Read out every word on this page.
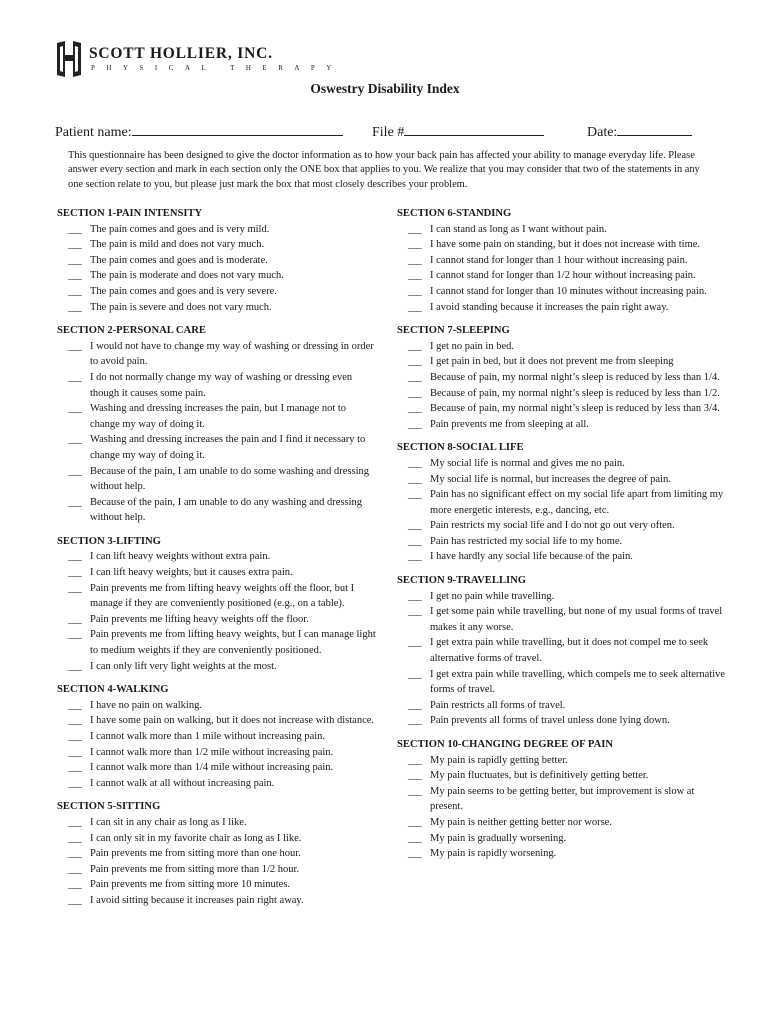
SCOTT HOLLIER, INC.
PHYSICAL THERAPY
Oswestry Disability Index
Patient name:	File #	Date:
This questionnaire has been designed to give the doctor information as to how your back pain has affected your ability to manage everyday life. Please answer every section and mark in each section only the ONE box that applies to you. We realize that you may consider that two of the statements in any one section relate to you, but please just mark the box that most closely describes your problem.
SECTION 1-PAIN INTENSITY
___ The pain comes and goes and is very mild.
___ The pain is mild and does not vary much.
___ The pain comes and goes and is moderate.
___ The pain is moderate and does not vary much.
___ The pain comes and goes and is very severe.
___ The pain is severe and does not vary much.
SECTION 2-PERSONAL CARE
___ I would not have to change my way of washing or dressing in order to avoid pain.
___ I do not normally change my way of washing or dressing even though it causes some pain.
___ Washing and dressing increases the pain, but I manage not to change my way of doing it.
___ Washing and dressing increases the pain and I find it necessary to change my way of doing it.
___ Because of the pain, I am unable to do some washing and dressing without help.
___ Because of the pain, I am unable to do any washing and dressing without help.
SECTION 3-LIFTING
___ I can lift heavy weights without extra pain.
___ I can lift heavy weights, but it causes extra pain.
___ Pain prevents me from lifting heavy weights off the floor, but I manage if they are conveniently positioned (e.g., on a table).
___ Pain prevents me lifting heavy weights off the floor.
___ Pain prevents me from lifting heavy weights, but I can manage light to medium weights if they are conveniently positioned.
___ I can only lift very light weights at the most.
SECTION 4-WALKING
___ I have no pain on walking.
___ I have some pain on walking, but it does not increase with distance.
___ I cannot walk more than 1 mile without increasing pain.
___ I cannot walk more than 1/2 mile without increasing pain.
___ I cannot walk more than 1/4 mile without increasing pain.
___ I cannot walk at all without increasing pain.
SECTION 5-SITTING
___ I can sit in any chair as long as I like.
___ I can only sit in my favorite chair as long as I like.
___ Pain prevents me from sitting more than one hour.
___ Pain prevents me from sitting more than 1/2 hour.
___ Pain prevents me from sitting more 10 minutes.
___ I avoid sitting because it increases pain right away.
SECTION 6-STANDING
___ I can stand as long as I want without pain.
___ I have some pain on standing, but it does not increase with time.
___ I cannot stand for longer than 1 hour without increasing pain.
___ I cannot stand for longer than 1/2 hour without increasing pain.
___ I cannot stand for longer than 10 minutes without increasing pain.
___ I avoid standing because it increases the pain right away.
SECTION 7-SLEEPING
___ I get no pain in bed.
___ I get pain in bed, but it does not prevent me from sleeping
___ Because of pain, my normal night’s sleep is reduced by less than 1/4.
___ Because of pain, my normal night’s sleep is reduced by less than 1/2.
___ Because of pain, my normal night’s sleep is reduced by less than 3/4.
___ Pain prevents me from sleeping at all.
SECTION 8-SOCIAL LIFE
___ My social life is normal and gives me no pain.
___ My social life is normal, but increases the degree of pain.
___ Pain has no significant effect on my social life apart from limiting my more energetic interests, e.g., dancing, etc.
___ Pain restricts my social life and I do not go out very often.
___ Pain has restricted my social life to my home.
___ I have hardly any social life because of the pain.
SECTION 9-TRAVELLING
___ I get no pain while travelling.
___ I get some pain while travelling, but none of my usual forms of travel makes it any worse.
___ I get extra pain while travelling, but it does not compel me to seek alternative forms of travel.
___ I get extra pain while travelling, which compels me to seek alternative forms of travel.
___ Pain restricts all forms of travel.
___ Pain prevents all forms of travel unless done lying down.
SECTION 10-CHANGING DEGREE OF PAIN
___ My pain is rapidly getting better.
___ My pain fluctuates, but is definitively getting better.
___ My pain seems to be getting better, but improvement is slow at present.
___ My pain is neither getting better nor worse.
___ My pain is gradually worsening.
___ My pain is rapidly worsening.
